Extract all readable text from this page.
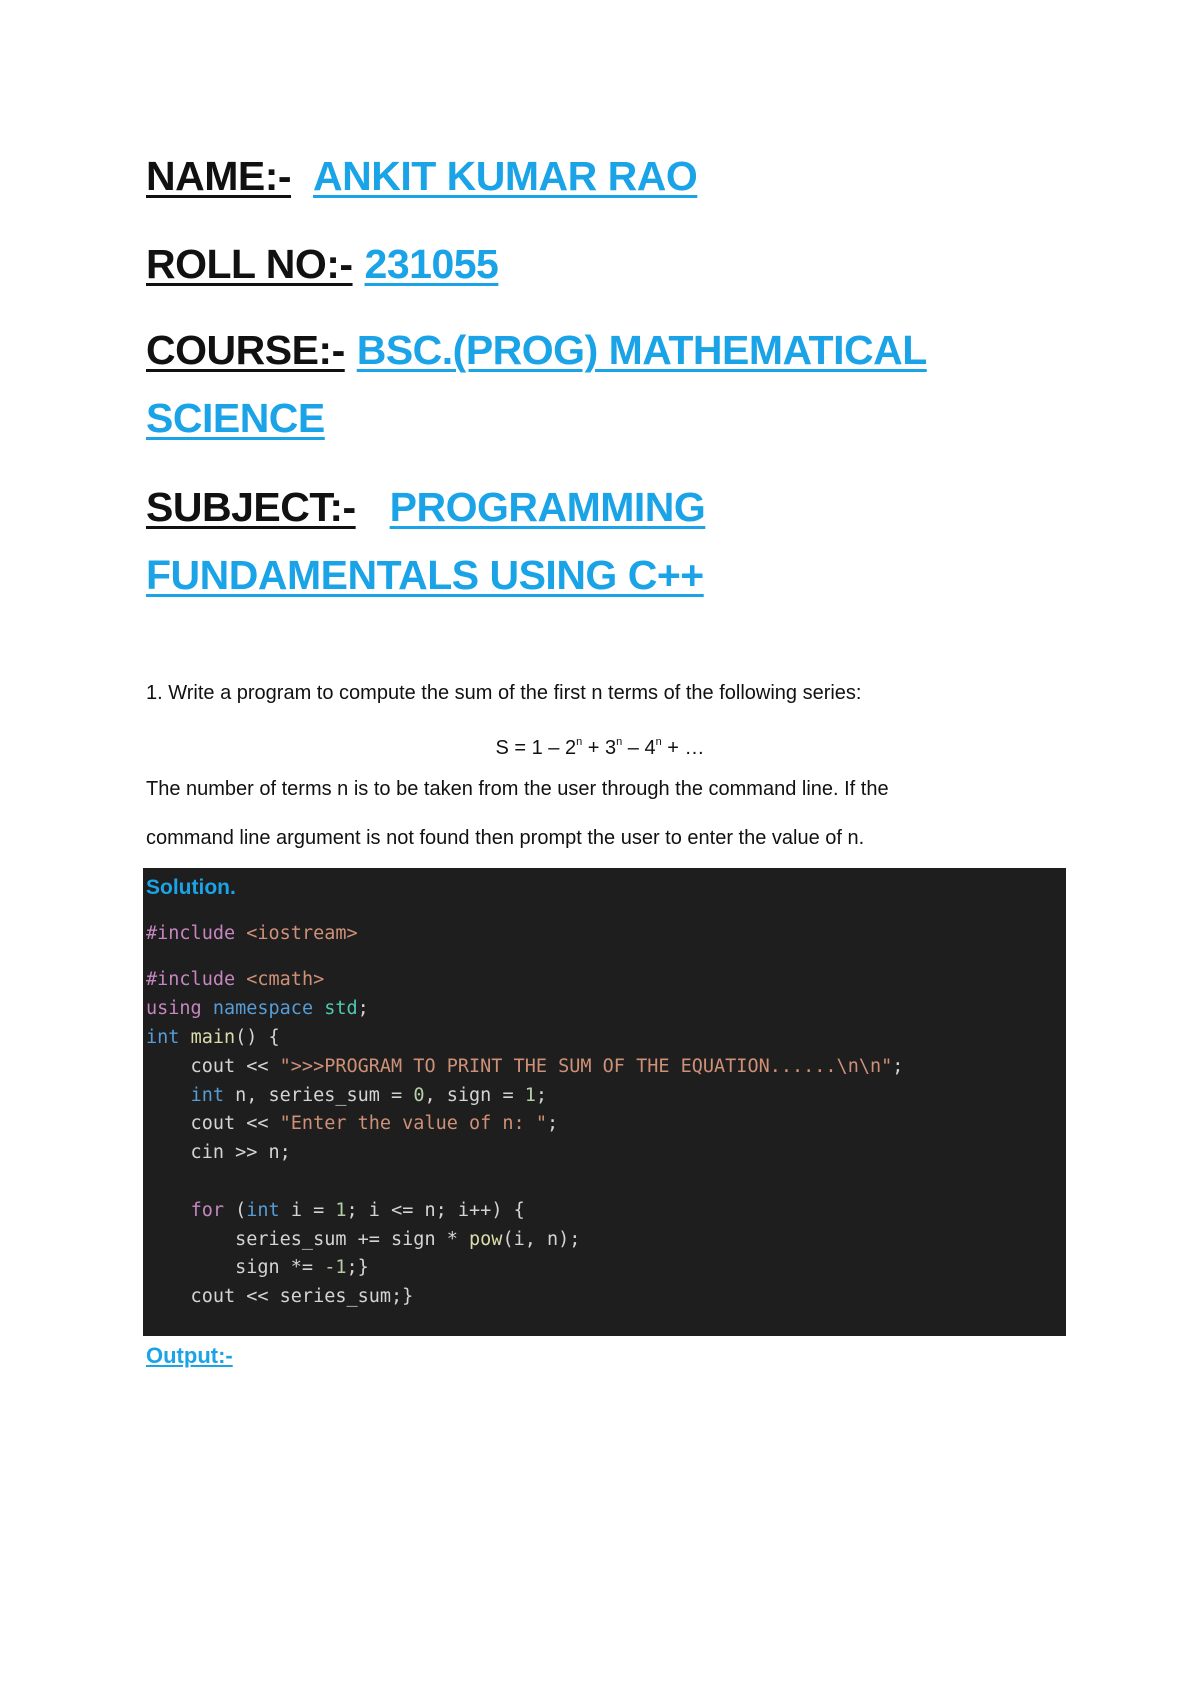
NAME:- ANKIT KUMAR RAO

ROLL NO:- 231055

COURSE:- BSC.(PROG) MATHEMATICAL

SCIENCE

SUBJECT:- PROGRAMMING

FUNDAMENTALS USING C++

1. Write a program to compute the sum of the first n terms of the following series:

$S = 1 - 2^n + 3^n - 4^n$ + …

The number of terms n is to be taken from the user through the command line. If the

command line argument is not found then prompt the user to enter the value of n.

Solution.
#include <iostream>
#include <cmath>
using namespace std;
int main() {
cout << ">>>PROGRAM TO PRINT THE SUM OF THE EQUATION......\n\n";
int n, series_sum = 0, sign = 1;
cout << "Enter the value of n: ";
cin >> n;
for (int i = 1; i <= n; i++) {
series_sum += sign * pow(i, n);
sign *= -1;}
cout << series_sum;}

Output:-
